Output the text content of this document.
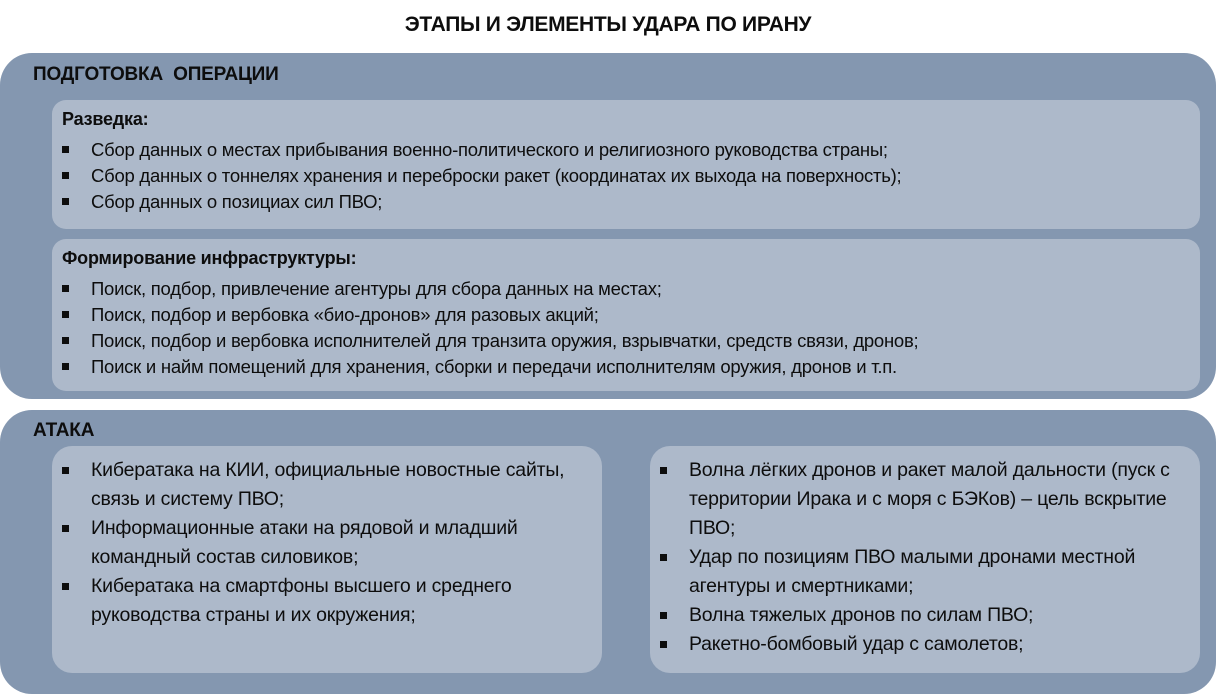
ЭТАПЫ И ЭЛЕМЕНТЫ УДАРА ПО ИРАНУ
ПОДГОТОВКА  ОПЕРАЦИИ
Разведка:
Сбор данных о местах прибывания военно-политического и религиозного руководства страны;
Сбор данных о тоннелях хранения и переброски ракет (координатах их выхода на поверхность);
Сбор данных о позициах сил ПВО;
Формирование инфраструктуры:
Поиск, подбор, привлечение агентуры для сбора данных на местах;
Поиск, подбор и вербовка «био-дронов» для разовых акций;
Поиск, подбор и вербовка исполнителей для транзита оружия, взрывчатки, средств связи, дронов;
Поиск и найм помещений для хранения, сборки и передачи исполнителям оружия, дронов и т.п.
АТАКА
Кибератака на КИИ, официальные новостные сайты, связь и систему ПВО;
Информационные атаки на рядовой и младший командный состав силовиков;
Кибератака на смартфоны высшего и среднего руководства страны и их окружения;
Волна лёгких дронов и ракет малой дальности (пуск с территории Ирака и с моря с БЭКов) – цель вскрытие ПВО;
Удар по позициям ПВО малыми дронами местной агентуры и смертниками;
Волна тяжелых дронов по силам ПВО;
Ракетно-бомбовый удар с самолетов;
